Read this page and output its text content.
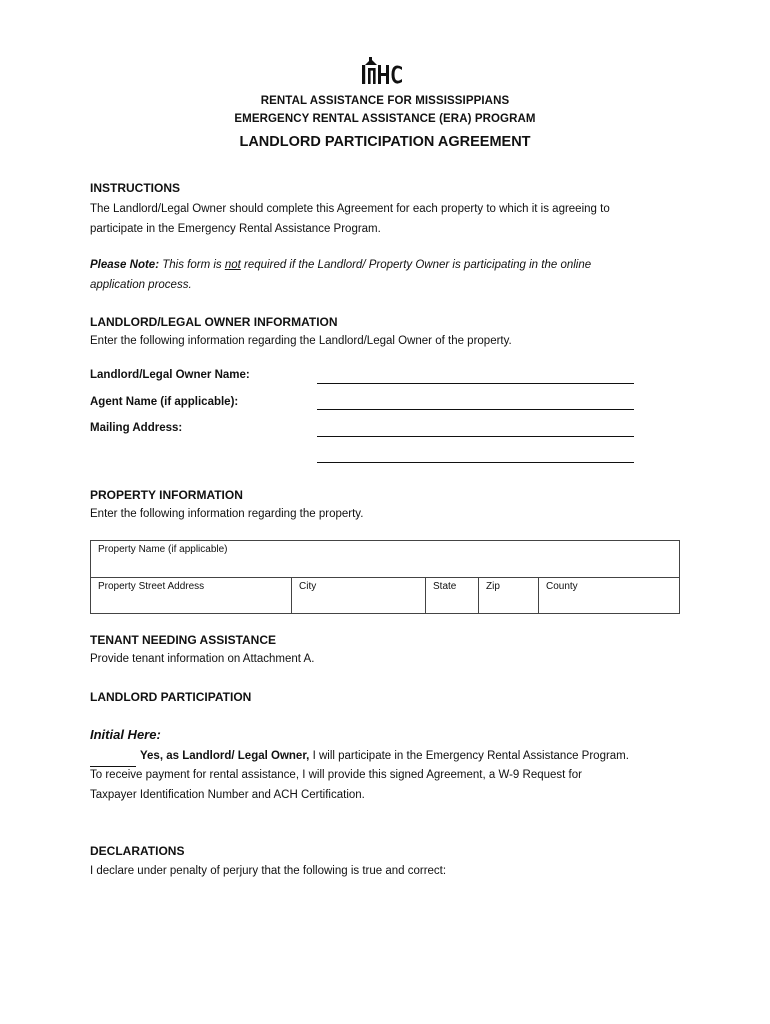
RENTAL ASSISTANCE FOR MISSISSIPPIANS
EMERGENCY RENTAL ASSISTANCE (ERA) PROGRAM
LANDLORD PARTICIPATION AGREEMENT
INSTRUCTIONS
The Landlord/Legal Owner should complete this Agreement for each property to which it is agreeing to
participate in the Emergency Rental Assistance Program.
Please Note: This form is not required if the Landlord/ Property Owner is participating in the online
application process.
LANDLORD/LEGAL OWNER INFORMATION
Enter the following information regarding the Landlord/Legal Owner of the property.
Landlord/Legal Owner Name:
Agent Name (if applicable):
Mailing Address:
PROPERTY INFORMATION
Enter the following information regarding the property.
Property Name (if applicable)
Property Street Address	City	State	Zip	County
TENANT NEEDING ASSISTANCE
Provide tenant information on Attachment A.
LANDLORD PARTICIPATION
Initial Here:
Yes, as Landlord/ Legal Owner, I will participate in the Emergency Rental Assistance Program.
To receive payment for rental assistance, I will provide this signed Agreement, a W-9 Request for
Taxpayer Identification Number and ACH Certification.
DECLARATIONS
I declare under penalty of perjury that the following is true and correct:
